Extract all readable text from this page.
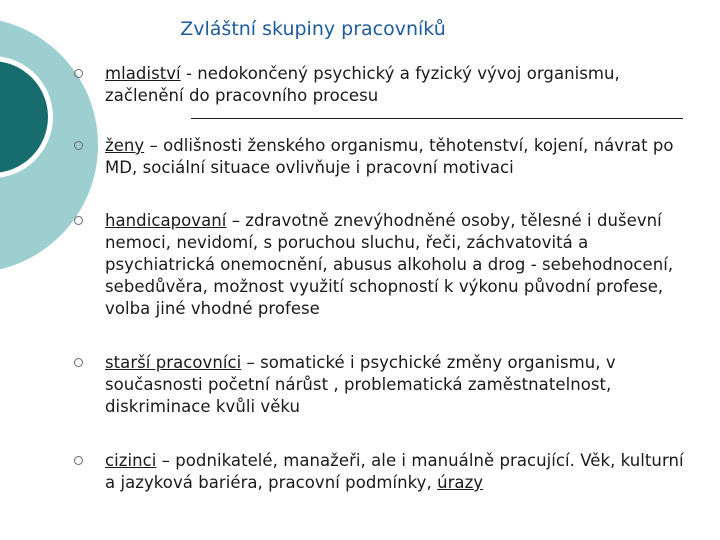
Zvláštní skupiny pracovníků
mladiství - nedokončený psychický a fyzický vývoj organismu, začlenění do pracovního procesu
ženy – odlišnosti ženského organismu, těhotenství, kojení, návrat po MD, sociální situace ovlivňuje i pracovní motivaci
handicapovaní – zdravotně znevýhodněné osoby, tělesné i duševní nemoci, nevidomí, s poruchou sluchu, řeči, záchvatovitá a psychiatrická onemocnění, abusus alkoholu a drog - sebehodnocení, sebedůvěra, možnost využití schopností k výkonu původní profese, volba jiné vhodné profese
starší pracovníci – somatické i psychické změny organismu, v současnosti početní nárůst , problematická zaměstnatelnost, diskriminace kvůli věku
cizinci – podnikatelé, manažeři, ale i manuálně pracující. Věk, kulturní a jazyková bariéra, pracovní podmínky, úrazy
